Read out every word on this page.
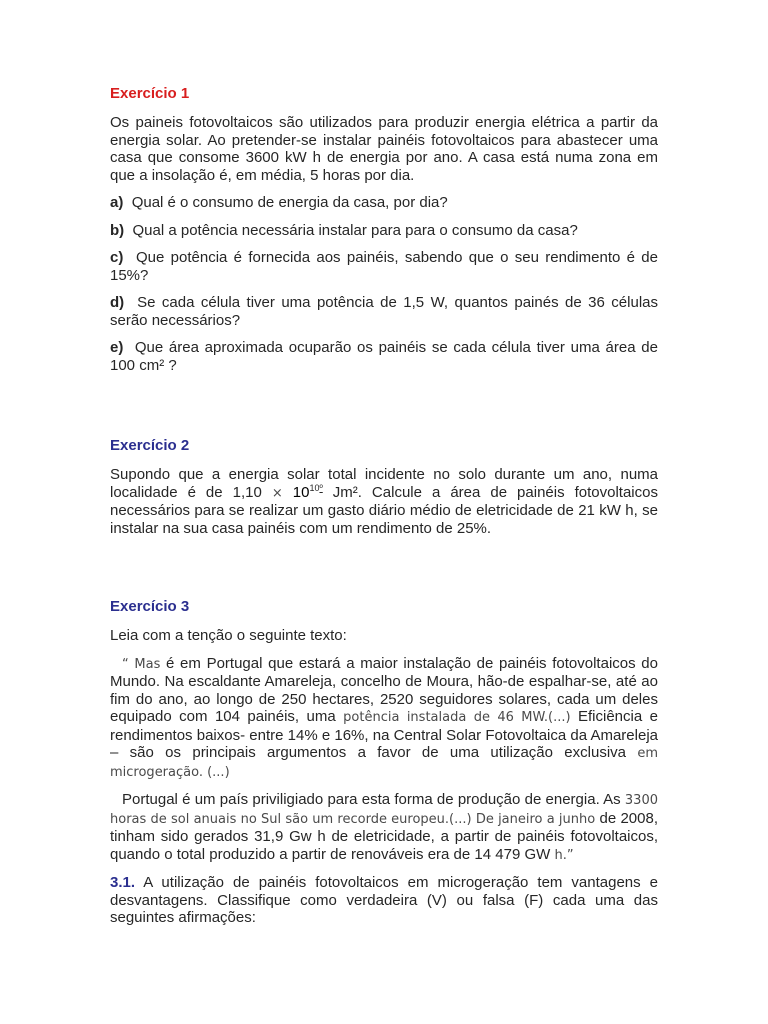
Exercício 1

Os paineis fotovoltaicos são utilizados para produzir energia elétrica a partir da energia solar. Ao pretender-se instalar painéis fotovoltaicos para abastecer uma casa que consome 3600 kW h de energia por ano. A casa está numa zona em que a insolação é, em média, 5 horas por dia.

a) Qual é o consumo de energia da casa, por dia?

b) Qual a potência necessária instalar para para o consumo da casa?

c) Que potência é fornecida aos painéis, sabendo que o seu rendimento é de 15%?

d) Se cada célula tiver uma potência de 1,5 W, quantos painés de 36 células serão necessários?

e) Que área aproximada ocuparão os painéis se cada célula tiver uma área de 100 cm² ?

Exercício 2

Supondo que a energia solar total incidente no solo durante um ano, numa localidade é de $1,10 \times 10^{10º}$ Jm². Calcule a área de painéis fotovoltaicos necessários para se realizar um gasto diário médio de eletricidade de 21 kW h, se instalar na sua casa painéis com um rendimento de 25%.

Exercício 3

Leia com a tenção o seguinte texto:

“ Mas é em Portugal que estará a maior instalação de painéis fotovoltaicos do Mundo. Na escaldante Amareleja, concelho de Moura, hão-de espalhar-se, até ao fim do ano, ao longo de 250 hectares, 2520 seguidores solares, cada um deles equipado com 104 painéis, uma potência instalada de 46 MW.(...) Eficiência e rendimentos baixos- entre 14% e 16%, na Central Solar Fotovoltaica da Amareleja – são os principais argumentos a favor de uma utilização exclusiva em microgeração. (...)

Portugal é um país priviligiado para esta forma de produção de energia. As 3300 horas de sol anuais no Sul são um recorde europeu.(...) De janeiro a junho de 2008, tinham sido gerados 31,9 Gw h de eletricidade, a partir de painéis fotovoltaicos, quando o total produzido a partir de renováveis era de 14 479 GW h.”

3.1. A utilização de painéis fotovoltaicos em microgeração tem vantagens e desvantagens. Classifique como verdadeira (V) ou falsa (F) cada uma das seguintes afirmações:
